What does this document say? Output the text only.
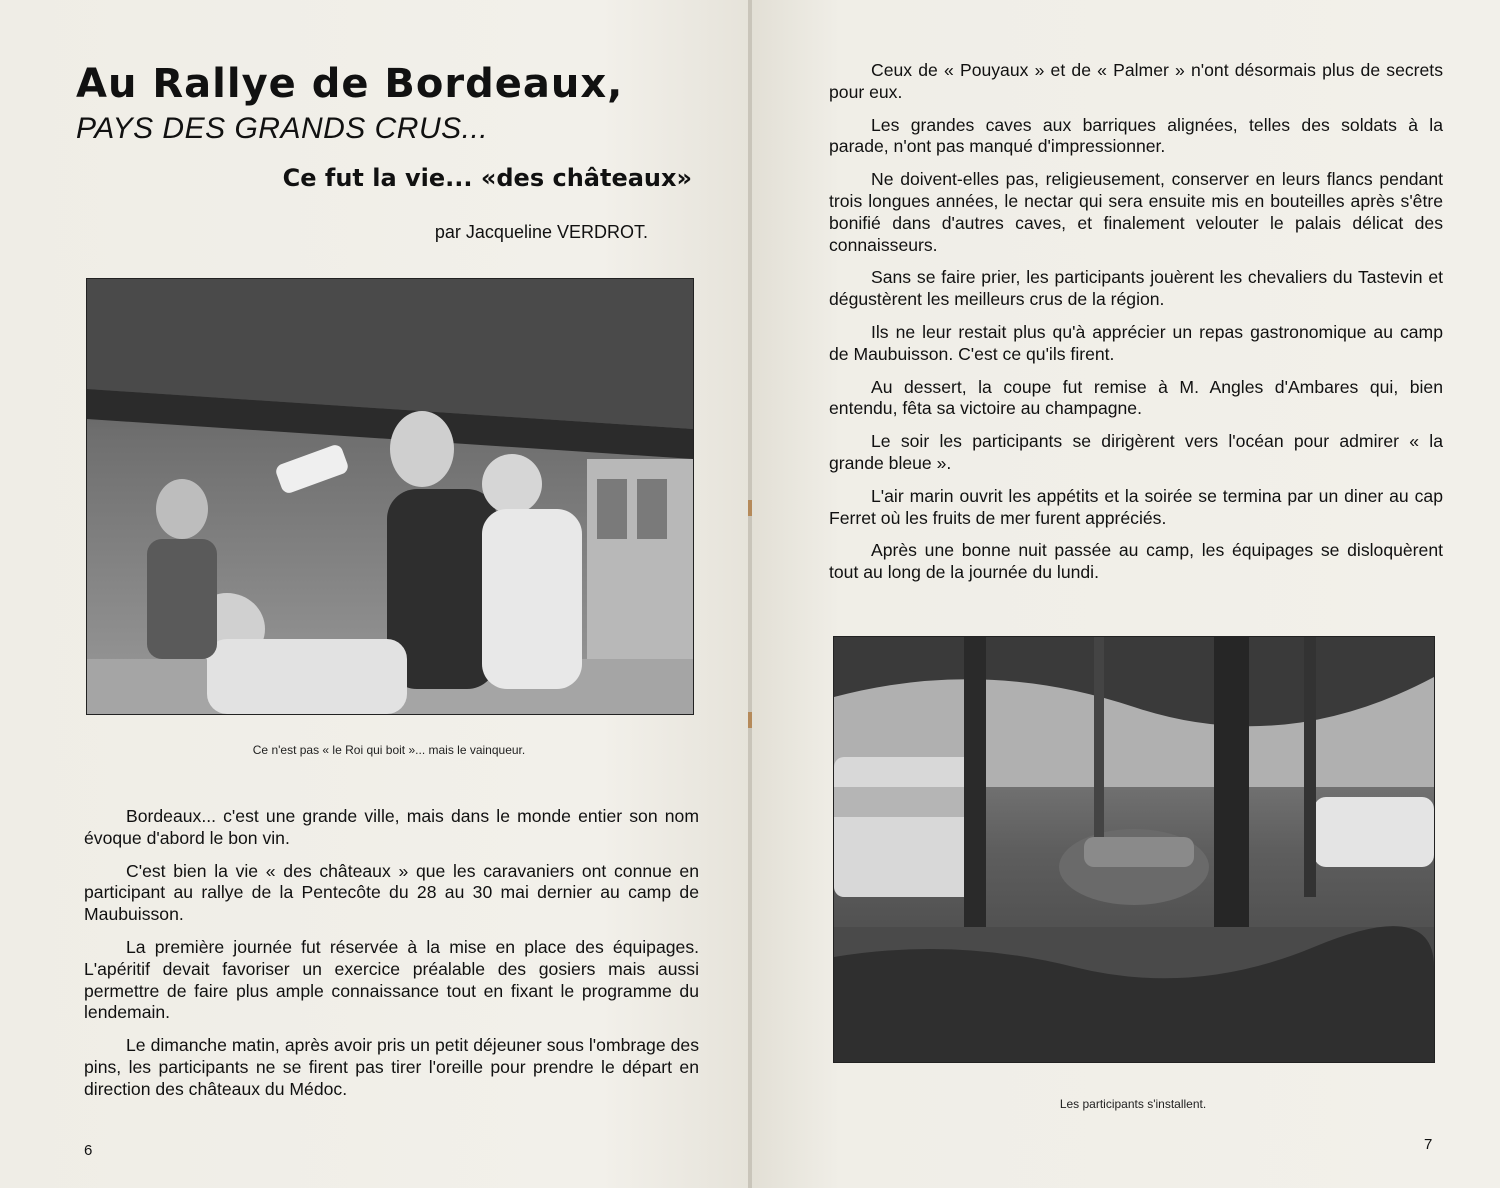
Au Rallye de Bordeaux,
PAYS DES GRANDS CRUS...
Ce fut la vie... «des châteaux»
par Jacqueline VERDROT.
Ce n'est pas « le Roi qui boit »... mais le vainqueur.

Bordeaux... c'est une grande ville, mais dans le monde entier son nom évoque d'abord le bon vin.

C'est bien la vie « des châteaux » que les caravaniers ont connue en participant au rallye de la Pentecôte du 28 au 30 mai dernier au camp de Maubuisson.

La première journée fut réservée à la mise en place des équipages. L'apéritif devait favoriser un exercice préalable des gosiers mais aussi permettre de faire plus ample connaissance tout en fixant le programme du lendemain.

Le dimanche matin, après avoir pris un petit déjeuner sous l'ombrage des pins, les participants ne se firent pas tirer l'oreille pour prendre le départ en direction des châteaux du Médoc.

6

Ceux de « Pouyaux » et de « Palmer » n'ont désormais plus de secrets pour eux.

Les grandes caves aux barriques alignées, telles des soldats à la parade, n'ont pas manqué d'impressionner.

Ne doivent-elles pas, religieusement, conserver en leurs flancs pendant trois longues années, le nectar qui sera ensuite mis en bouteilles après s'être bonifié dans d'autres caves, et finalement velouter le palais délicat des connaisseurs.

Sans se faire prier, les participants jouèrent les chevaliers du Tastevin et dégustèrent les meilleurs crus de la région.

Ils ne leur restait plus qu'à apprécier un repas gastronomique au camp de Maubuisson. C'est ce qu'ils firent.

Au dessert, la coupe fut remise à M. Angles d'Ambares qui, bien entendu, fêta sa victoire au champagne.

Le soir les participants se dirigèrent vers l'océan pour admirer « la grande bleue ».

L'air marin ouvrit les appétits et la soirée se termina par un diner au cap Ferret où les fruits de mer furent appréciés.

Après une bonne nuit passée au camp, les équipages se disloquèrent tout au long de la journée du lundi.

Les participants s'installent.
7
